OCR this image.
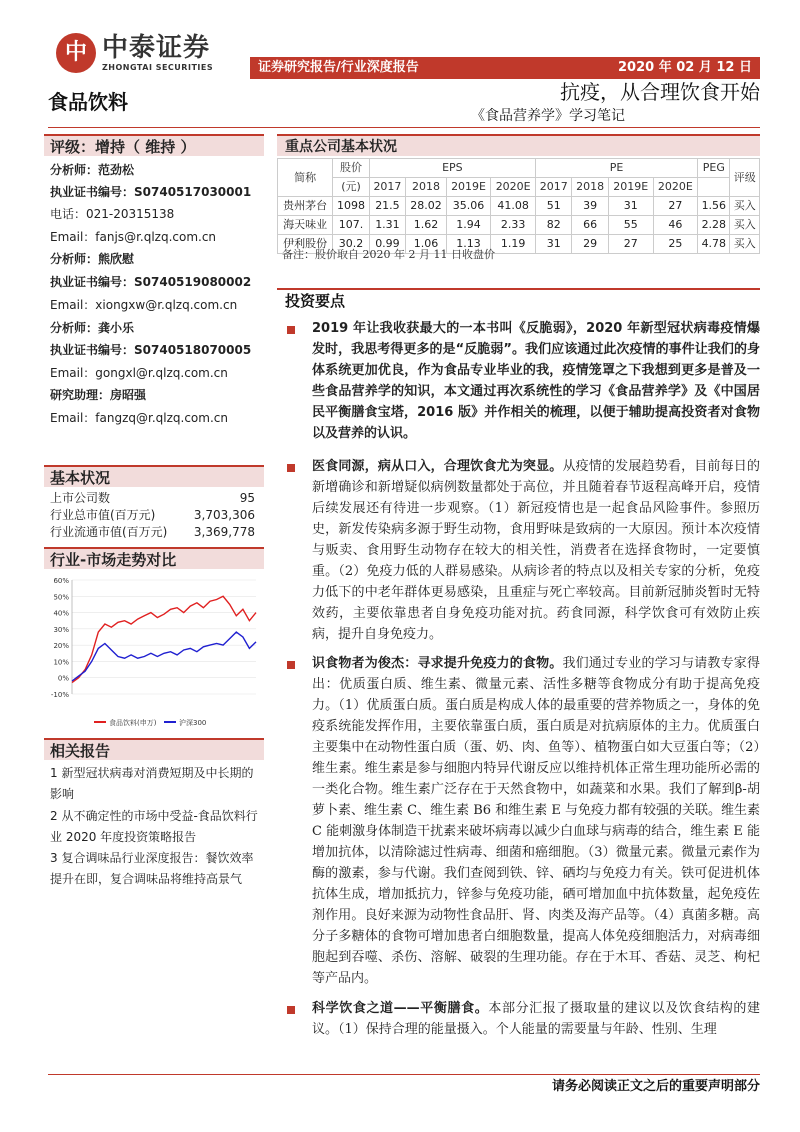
中 中泰证券
ZHONGTAI SECURITIES	证券研究报告/行业深度报告	2020 年 02 月 12 日
食品饮料	抗疫，从合理饮食开始
《食品营养学》学习笔记
评级：增持（ 维持 ）
分析师：范劲松
执业证书编号：S0740517030001
电话：021-20315138
Email：fanjs@r.qlzq.com.cn
分析师：熊欣慰
执业证书编号：S0740519080002
Email：xiongxw@r.qlzq.com.cn
分析师：龚小乐
执业证书编号：S0740518070005
Email：gongxl@r.qlzq.com.cn
研究助理：房昭强
Email：fangzq@r.qlzq.com.cn
基本状况
上市公司数	95
行业总市值(百万元)	3,703,306
行业流通市值(百万元) 3,369,778
行业-市场走势对比
60%
50%
40%
30%
20%
10%
0%
-10%
食品饮料(申万)	沪深300
相关报告
1 新型冠状病毒对消费短期及中长期的影响
2 从不确定性的市场中受益-食品饮料行业 2020 年度投资策略报告
3 复合调味品行业深度报告：餐饮效率提升在即，复合调味品将维持高景气
重点公司基本状况
简称	股价	EPS				PE				PEG	评级
	(元)	2017	2018	2019E	2020E	2017	2018	2019E	2020E		
贵州茅台	1098	21.5	28.02	35.06	41.08	51	39	31	27	1.56	买入
海天味业	107.	1.31	1.62	1.94	2.33	82	66	55	46	2.28	买入
伊利股份	30.2	0.99	1.06	1.13	1.19	31	29	27	25	4.78	买入
备注：股价取自 2020 年 2 月 11 日收盘价
投资要点
2019 年让我收获最大的一本书叫《反脆弱》，2020 年新型冠状病毒疫情爆发时，我思考得更多的是“反脆弱”。我们应该通过此次疫情的事件让我们的身体系统更加优良，作为食品专业毕业的我，疫情笼罩之下我想到更多是普及一些食品营养学的知识，本文通过再次系统性的学习《食品营养学》及《中国居民平衡膳食宝塔，2016 版》并作相关的梳理，以便于辅助提高投资者对食物以及营养的认识。
医食同源，病从口入，合理饮食尤为突显。从疫情的发展趋势看，目前每日的新增确诊和新增疑似病例数量都处于高位，并且随着春节返程高峰开启，疫情后续发展还有待进一步观察。（1）新冠疫情也是一起食品风险事件。参照历史，新发传染病多源于野生动物，食用野味是致病的一大原因。预计本次疫情与贩卖、食用野生动物存在较大的相关性，消费者在选择食物时，一定要慎重。（2）免疫力低的人群易感染。从病诊者的特点以及相关专家的分析，免疫力低下的中老年群体更易感染，且重症与死亡率较高。目前新冠肺炎暂时无特效药，主要依靠患者自身免疫功能对抗。药食同源，科学饮食可有效防止疾病，提升自身免疫力。
识食物者为俊杰：寻求提升免疫力的食物。我们通过专业的学习与请教专家得出：优质蛋白质、维生素、微量元素、活性多糖等食物成分有助于提高免疫力。（1）优质蛋白质。蛋白质是构成人体的最重要的营养物质之一，身体的免疫系统能发挥作用，主要依靠蛋白质，蛋白质是对抗病原体的主力。优质蛋白主要集中在动物性蛋白质（蛋、奶、肉、鱼等）、植物蛋白如大豆蛋白等；（2）维生素。维生素是参与细胞内特异代谢反应以维持机体正常生理功能所必需的一类化合物。维生素广泛存在于天然食物中，如蔬菜和水果。我们了解到β-胡萝卜素、维生素 C、维生素 B6 和维生素 E 与免疫力都有较强的关联。维生素 C 能刺激身体制造干扰素来破坏病毒以减少白血球与病毒的结合，维生素 E 能增加抗体，以清除滤过性病毒、细菌和癌细胞。（3）微量元素。微量元素作为酶的激素，参与代谢。我们查阅到铁、锌、硒均与免疫力有关。铁可促进机体抗体生成，增加抵抗力，锌参与免疫功能，硒可增加血中抗体数量，起免疫佐剂作用。良好来源为动物性食品肝、肾、肉类及海产品等。（4）真菌多糖。高分子多糖体的食物可增加患者白细胞数量，提高人体免疫细胞活力，对病毒细胞起到吞噬、杀伤、溶解、破裂的生理功能。存在于木耳、香菇、灵芝、枸杞等产品内。
科学饮食之道——平衡膳食。本部分汇报了摄取量的建议以及饮食结构的建议。（1）保持合理的能量摄入。个人能量的需要量与年龄、性别、生理
请务必阅读正文之后的重要声明部分
